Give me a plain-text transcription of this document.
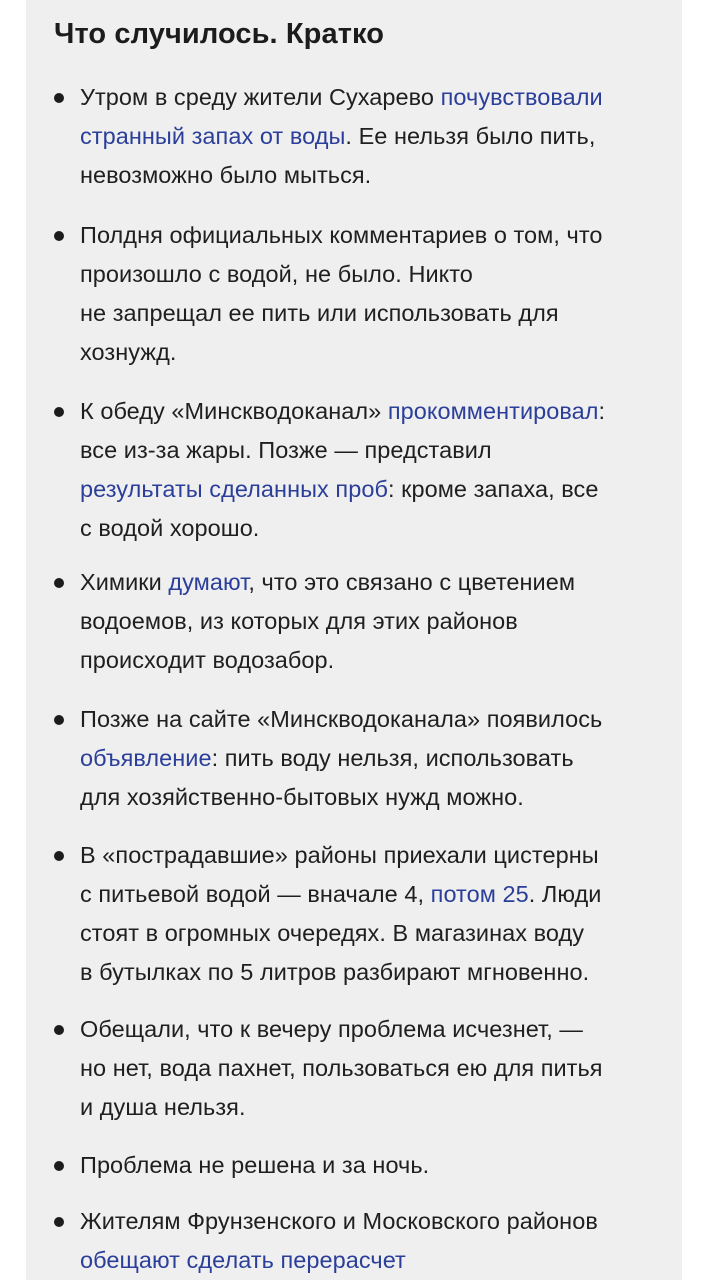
Что случилось. Кратко
Утром в среду жители Сухарево почувствовали
странный запах от воды. Ее нельзя было пить,
невозможно было мыться.
Полдня официальных комментариев о том, что
произошло с водой, не было. Никто
не запрещал ее пить или использовать для
хознужд.
К обеду «Минскводоканал» прокомментировал:
все из-за жары. Позже — представил
результаты сделанных проб: кроме запаха, все
с водой хорошо.
Химики думают, что это связано с цветением
водоемов, из которых для этих районов
происходит водозабор.
Позже на сайте «Минскводоканала» появилось
объявление: пить воду нельзя, использовать
для хозяйственно-бытовых нужд можно.
В «пострадавшие» районы приехали цистерны
с питьевой водой — вначале 4, потом 25. Люди
стоят в огромных очередях. В магазинах воду
в бутылках по 5 литров разбирают мгновенно.
Обещали, что к вечеру проблема исчезнет, —
но нет, вода пахнет, пользоваться ею для питья
и душа нельзя.
Проблема не решена и за ночь.
Жителям Фрунзенского и Московского районов
обещают сделать перерасчет
